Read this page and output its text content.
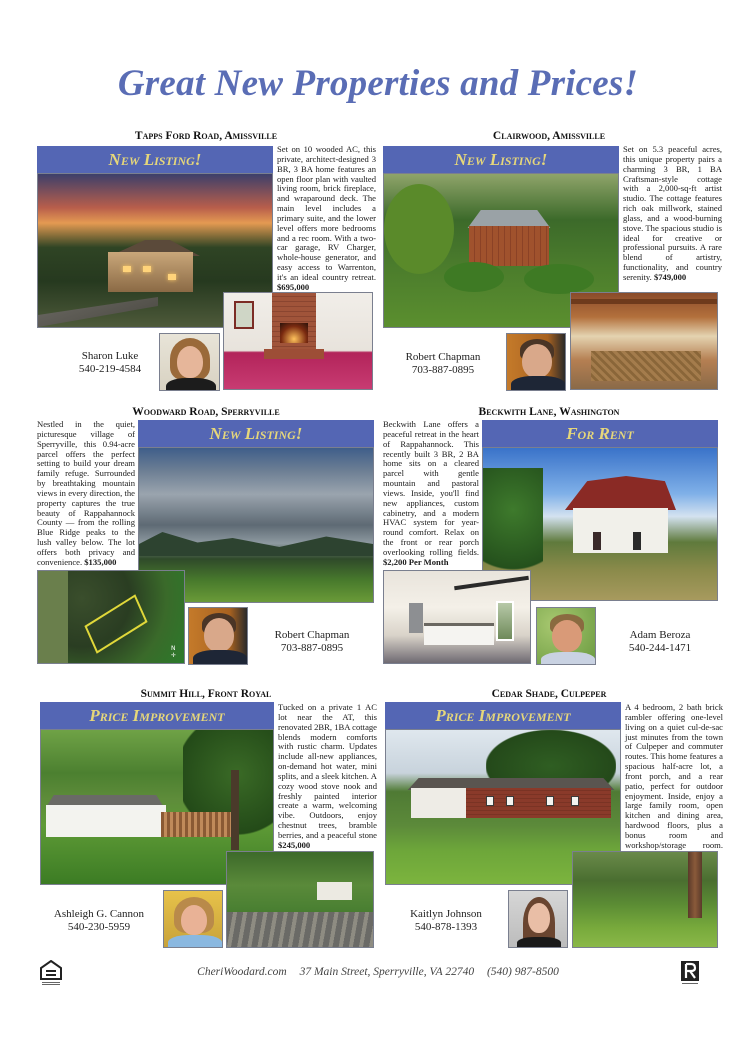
Great New Properties and Prices!
Tapps Ford Road, Amissville
New Listing!
Set on 10 wooded AC, this private, architect-designed 3 BR, 3 BA home features an open floor plan with vaulted living room, brick fireplace, and wraparound deck. The main level includes a primary suite, and the lower level offers more bedrooms and a rec room. With a two-car garage, RV Charger, whole-house generator, and easy access to Warrenton, it's an ideal country retreat. $695,000
Sharon Luke
540-219-4584
Clairwood, Amissville
New Listing!
Set on 5.3 peaceful acres, this unique property pairs a charming 3 BR, 1 BA Craftsman-style cottage with a 2,000-sq-ft artist studio. The cottage features rich oak millwork, stained glass, and a wood-burning stove. The spacious studio is ideal for creative or professional pursuits. A rare blend of artistry, functionality, and country serenity. $749,000
Robert Chapman
703-887-0895
Woodward Road, Sperryville
Nestled in the quiet, picturesque village of Sperryville, this 0.94-acre parcel offers the perfect setting to build your dream family refuge. Surrounded by breathtaking mountain views in every direction, the property captures the true beauty of Rappahannock County — from the rolling Blue Ridge peaks to the lush valley below. The lot offers both privacy and convenience. $135,000
New Listing!
N
✛
Robert Chapman
703-887-0895
Beckwith Lane, Washington
Beckwith Lane offers a peaceful retreat in the heart of Rappahannock. This recently built 3 BR, 2 BA home sits on a cleared parcel with gentle mountain and pastoral views. Inside, you'll find new appliances, custom cabinetry, and a modern HVAC system for year-round comfort. Relax on the front or rear porch overlooking rolling fields. $2,200 Per Month
For Rent
Adam Beroza
540-244-1471
Summit Hill, Front Royal
Price Improvement	Tucked on a private 1 AC lot near the AT, this renovated 2BR, 1BA cottage blends modern comforts with rustic charm. Updates include all-new appliances, on-demand hot water, mini splits, and a sleek kitchen. A cozy wood stove nook and freshly painted interior create a warm, welcoming vibe. Outdoors, enjoy chestnut trees, bramble berries, and a peaceful stone $245,000
Ashleigh G. Cannon
540-230-5959
Cedar Shade, Culpeper
Price Improvement	A 4 bedroom, 2 bath brick rambler offering one-level living on a quiet cul-de-sac just minutes from the town of Culpeper and commuter routes. This home features a spacious half-acre lot, a front porch, and a rear patio, perfect for outdoor enjoyment. Inside, enjoy a large family room, open kitchen and dining area, hardwood floors, plus a bonus room and workshop/storage room.
Kaitlyn Johnson
540-878-1393
CheriWoodard.com 37 Main Street, Sperryville, VA 22740 (540) 987-8500
